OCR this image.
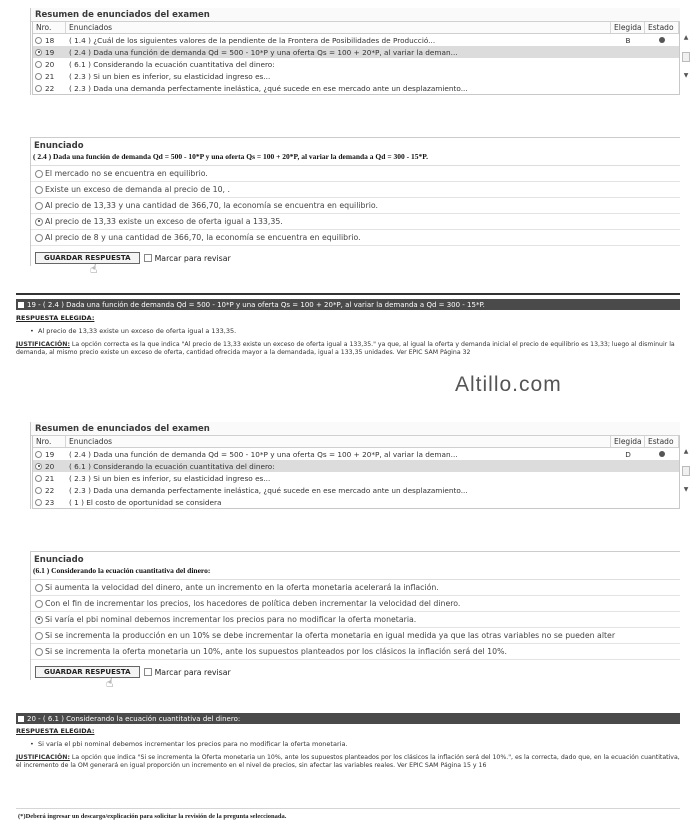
Resumen de enunciados del examen
Nro.	Enunciados	Elegida Estado
18	( 1.4 ) ¿Cuál de los siguientes valores de la pendiente de la Frontera de Posibilidades de Producció...	B
19	( 2.4 ) Dada una función de demanda Qd = 500 - 10*P y una oferta Qs = 100 + 20*P, al variar la deman...
20	( 6.1 ) Considerando la ecuación cuantitativa del dinero:
21	( 2.3 ) Si un bien es inferior, su elasticidad ingreso es...
22	( 2.3 ) Dada una demanda perfectamente inelástica, ¿qué sucede en ese mercado ante un desplazamiento...
▲
▼
Enunciado
( 2.4 ) Dada una función de demanda Qd = 500 - 10*P y una oferta Qs = 100 + 20*P, al variar la demanda a Qd = 300 - 15*P.
El mercado no se encuentra en equilibrio.
Existe un exceso de demanda al precio de 10, .
Al precio de 13,33 y una cantidad de 366,70, la economía se encuentra en equilibrio.
Al precio de 13,33 existe un exceso de oferta igual a 133,35.
Al precio de 8 y una cantidad de 366,70, la economía se encuentra en equilibrio.
GUARDAR RESPUESTA	Marcar para revisar
☝
19 - ( 2.4 ) Dada una función de demanda Qd = 500 - 10*P y una oferta Qs = 100 + 20*P, al variar la demanda a Qd = 300 - 15*P.
RESPUESTA ELEGIDA:
•  Al precio de 13,33 existe un exceso de oferta igual a 133,35.
JUSTIFICACIÓN: La opción correcta es la que indica "Al precio de 13,33 existe un exceso de oferta igual a 133,35." ya que, al igual la oferta y demanda inicial el precio de equilibrio es 13,33; luego al disminuir la demanda, al mismo precio existe un exceso de oferta, cantidad ofrecida mayor a la demandada, igual a 133,35 unidades. Ver EPIC SAM Página 32
Altillo.com
Resumen de enunciados del examen
Nro.	Enunciados	Elegida Estado
19	( 2.4 ) Dada una función de demanda Qd = 500 - 10*P y una oferta Qs = 100 + 20*P, al variar la deman...	D
20	( 6.1 ) Considerando la ecuación cuantitativa del dinero:
21	( 2.3 ) Si un bien es inferior, su elasticidad ingreso es...
22	( 2.3 ) Dada una demanda perfectamente inelástica, ¿qué sucede en ese mercado ante un desplazamiento...
23	( 1 ) El costo de oportunidad se considera
▲
▼
Enunciado
(6.1 ) Considerando la ecuación cuantitativa del dinero:
Si aumenta la velocidad del dinero, ante un incremento en la oferta monetaria acelerará la inflación.
Con el fin de incrementar los precios, los hacedores de política deben incrementar la velocidad del dinero.
Si varía el pbi nominal debemos incrementar los precios para no modificar la oferta monetaria.
Si se incrementa la producción en un 10% se debe incrementar la oferta monetaria en igual medida ya que las otras variables no se pueden alter
Si se incrementa la oferta monetaria un 10%, ante los supuestos planteados por los clásicos la inflación será del 10%.
GUARDAR RESPUESTA	Marcar para revisar
☝
20 - ( 6.1 ) Considerando la ecuación cuantitativa del dinero:
RESPUESTA ELEGIDA:
•  Si varía el pbi nominal debemos incrementar los precios para no modificar la oferta monetaria.
JUSTIFICACIÓN: La opción que indica "Si se incrementa la Oferta monetaria un 10%, ante los supuestos planteados por los clásicos la inflación será del 10%.", es la correcta, dado que, en la ecuación cuantitativa, el incremento de la OM generará en igual proporción un incremento en el nivel de precios, sin afectar las variables reales. Ver EPIC SAM Página 15 y 16
(*)Deberá ingresar un descargo/explicación para solicitar la revisión de la pregunta seleccionada.
